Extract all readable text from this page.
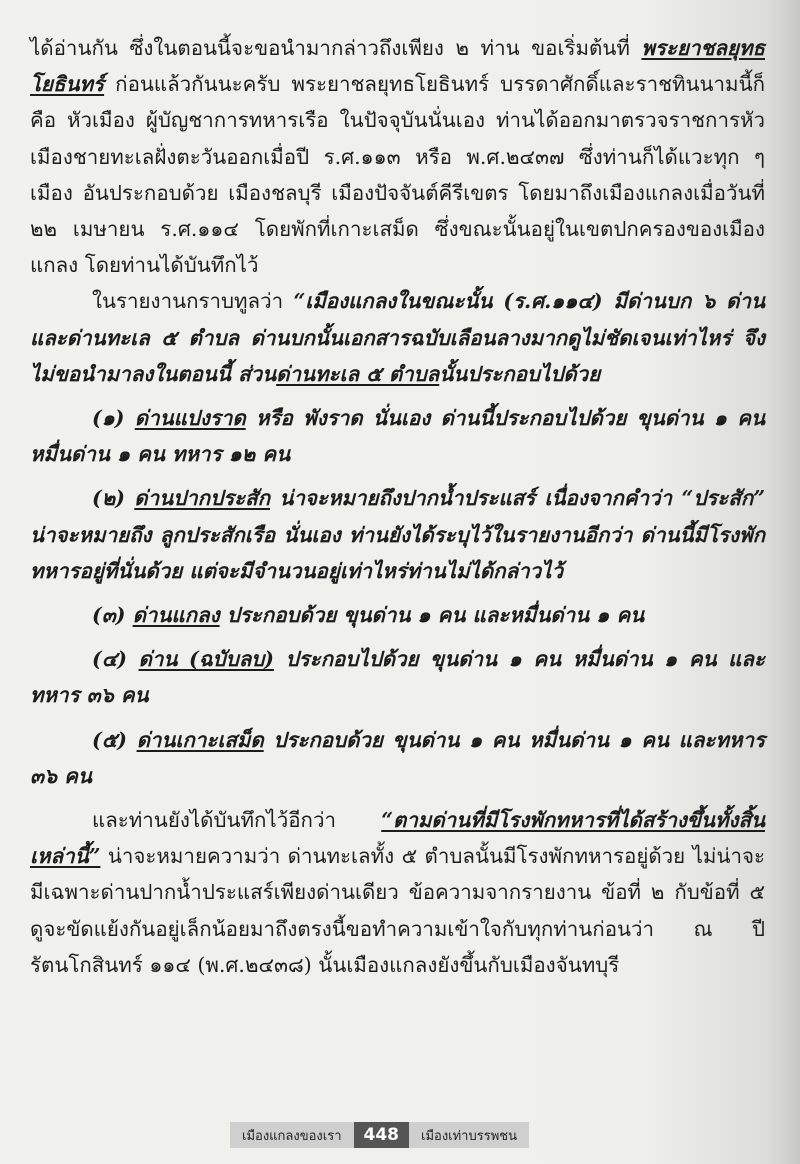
ได้อ่านกัน ซึ่งในตอนนี้จะขอนำมากล่าวถึงเพียง ๒ ท่าน ขอเริ่มต้นที่ พระยาชลยุทธโยธินทร์ ก่อนแล้วกันนะครับ พระยาชลยุทธโยธินทร์ บรรดาศักดิ์และราชทินนามนี้ก็คือ หัวเมือง ผู้บัญชาการทหารเรือ ในปัจจุบันนั่นเอง ท่านได้ออกมาตรวจราชการหัวเมืองชายทะเลฝั่งตะวันออกเมื่อปี ร.ศ.๑๑๓ หรือ พ.ศ.๒๔๓๗ ซึ่งท่านก็ได้แวะทุก ๆ เมือง อันประกอบด้วย เมืองชลบุรี เมืองปัจจันต์คีรีเขตร โดยมาถึงเมืองแกลงเมื่อวันที่ ๒๒ เมษายน ร.ศ.๑๑๔ โดยพักที่เกาะเสม็ด ซึ่งขณะนั้นอยู่ในเขตปกครองของเมืองแกลง โดยท่านได้บันทึกไว้

ในรายงานกราบทูลว่า “เมืองแกลงในขณะนั้น (ร.ศ.๑๑๔) มีด่านบก ๖ ด่าน และด่านทะเล ๕ ตำบล ด่านบกนั้นเอกสารฉบับเลือนลางมากดูไม่ชัดเจนเท่าไหร่ จึงไม่ขอนำมาลงในตอนนี้ ส่วนด่านทะเล ๕ ตำบลนั้นประกอบไปด้วย

(๑) ด่านแปงราด หรือ พังราด นั่นเอง ด่านนี้ประกอบไปด้วย ขุนด่าน ๑ คน หมื่นด่าน ๑ คน ทหาร ๑๒ คน

(๒) ด่านปากประสัก น่าจะหมายถึงปากน้ำประแสร์ เนื่องจากคำว่า “ประสัก” น่าจะหมายถึง ลูกประสักเรือ นั่นเอง ท่านยังได้ระบุไว้ในรายงานอีกว่า ด่านนี้มีโรงพักทหารอยู่ที่นั่นด้วย แต่จะมีจำนวนอยู่เท่าไหร่ท่านไม่ได้กล่าวไว้

(๓) ด่านแกลง ประกอบด้วย ขุนด่าน ๑ คน และหมื่นด่าน ๑ คน

(๔) ด่าน (ฉบับลบ) ประกอบไปด้วย ขุนด่าน ๑ คน หมื่นด่าน ๑ คน และทหาร ๓๖ คน

(๕) ด่านเกาะเสม็ด ประกอบด้วย ขุนด่าน ๑ คน หมื่นด่าน ๑ คน และทหาร ๓๖ คน

และท่านยังได้บันทึกไว้อีกว่า “ตามด่านที่มีโรงพักทหารที่ได้สร้างขึ้นทั้งสิ้นเหล่านี้” น่าจะหมายความว่า ด่านทะเลทั้ง ๕ ตำบลนั้นมีโรงพักทหารอยู่ด้วย ไม่น่าจะมีเฉพาะด่านปากน้ำประแสร์เพียงด่านเดียว ข้อความจากรายงาน ข้อที่ ๒ กับข้อที่ ๕ ดูจะขัดแย้งกันอยู่เล็กน้อยมาถึงตรงนี้ขอทำความเข้าใจกับทุกท่านก่อนว่า ณ ปีรัตนโกสินทร์ ๑๑๔ (พ.ศ.๒๔๓๘) นั้นเมืองแกลงยังขึ้นกับเมืองจันทบุรี

เมืองแกลงของเรา	448	เมืองเท่าบรรพชน
